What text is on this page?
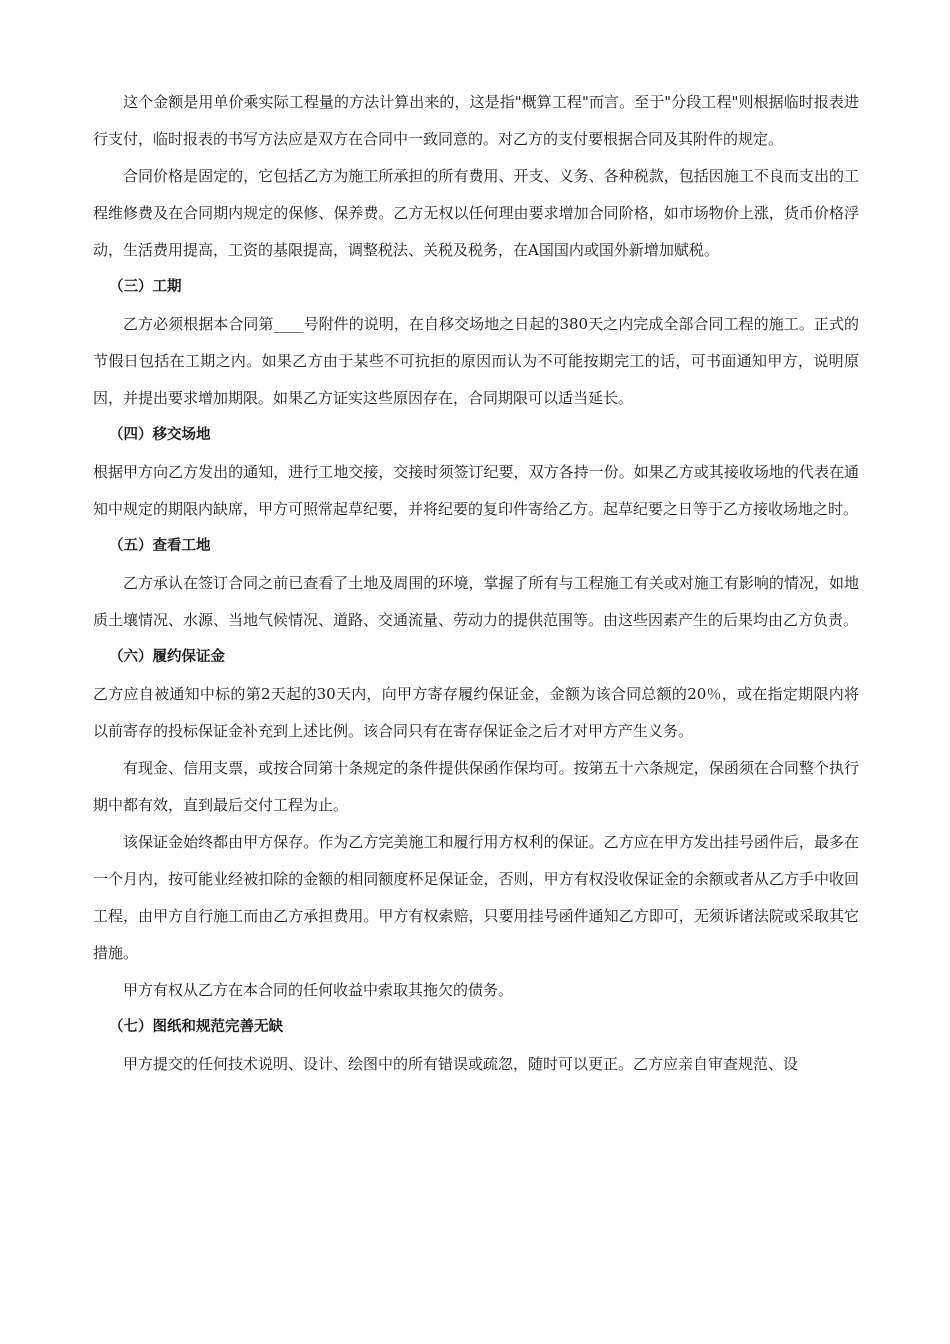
这个金额是用单价乘实际工程量的方法计算出来的，这是指"概算工程"而言。至于"分段工程"则根据临时报表进行支付，临时报表的书写方法应是双方在合同中一致同意的。对乙方的支付要根据合同及其附件的规定。

合同价格是固定的，它包括乙方为施工所承担的所有费用、开支、义务、各种税款，包括因施工不良而支出的工程维修费及在合同期内规定的保修、保养费。乙方无权以任何理由要求增加合同阶格，如市场物价上涨，货币价格浮动，生活费用提高，工资的基限提高，调整税法、关税及税务，在A国国内或国外新增加赋税。

（三）工期

乙方必须根据本合同第____号附件的说明，在自移交场地之日起的380天之内完成全部合同工程的施工。正式的节假日包括在工期之内。如果乙方由于某些不可抗拒的原因而认为不可能按期完工的话，可书面通知甲方，说明原因，并提出要求增加期限。如果乙方证实这些原因存在，合同期限可以适当延长。

（四）移交场地

根据甲方向乙方发出的通知，进行工地交接，交接时须签订纪要，双方各持一份。如果乙方或其接收场地的代表在通知中规定的期限内缺席，甲方可照常起草纪要，并将纪要的复印件寄给乙方。起草纪要之日等于乙方接收场地之时。

（五）查看工地

乙方承认在签订合同之前已查看了土地及周围的环境，掌握了所有与工程施工有关或对施工有影响的情况，如地质土壤情况、水源、当地气候情况、道路、交通流量、劳动力的提供范围等。由这些因素产生的后果均由乙方负责。

（六）履约保证金

乙方应自被通知中标的第2天起的30天内，向甲方寄存履约保证金，金额为该合同总额的20％，或在指定期限内将以前寄存的投标保证金补充到上述比例。该合同只有在寄存保证金之后才对甲方产生义务。

有现金、信用支票，或按合同第十条规定的条件提供保函作保均可。按第五十六条规定，保函须在合同整个执行期中都有效，直到最后交付工程为止。

该保证金始终都由甲方保存。作为乙方完美施工和履行用方权利的保证。乙方应在甲方发出挂号函件后，最多在一个月内，按可能业经被扣除的金额的相同额度杯足保证金，否则，甲方有权没收保证金的余额或者从乙方手中收回工程，由甲方自行施工而由乙方承担费用。甲方有权索赔，只要用挂号函件通知乙方即可，无须诉诸法院或采取其它措施。

甲方有权从乙方在本合同的任何收益中索取其拖欠的债务。

（七）图纸和规范完善无缺

甲方提交的任何技术说明、设计、绘图中的所有错误或疏忽，随时可以更正。乙方应亲自审查规范、设
